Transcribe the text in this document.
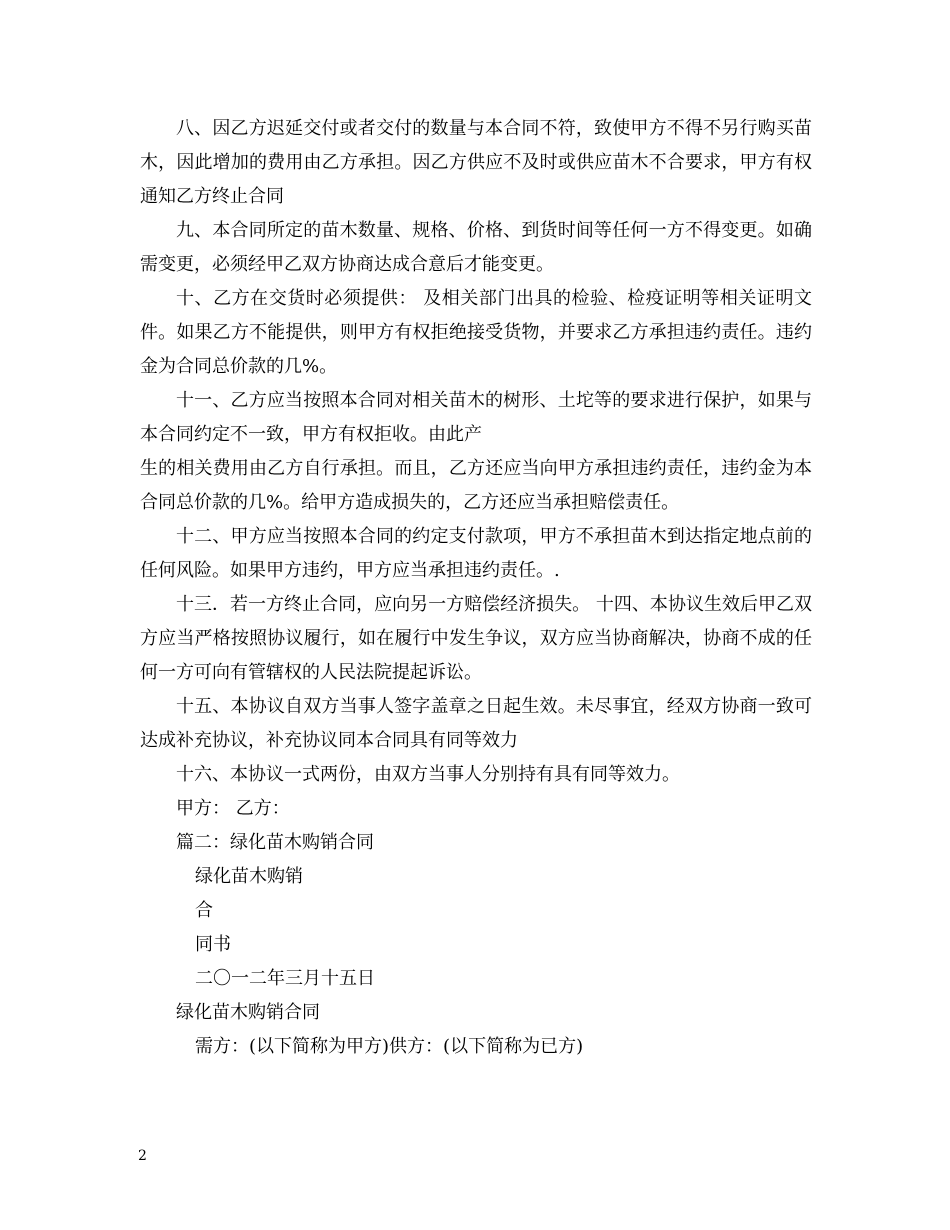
八、因乙方迟延交付或者交付的数量与本合同不符，致使甲方不得不另行购买苗木，因此增加的费用由乙方承担。因乙方供应不及时或供应苗木不合要求，甲方有权通知乙方终止合同

九、本合同所定的苗木数量、规格、价格、到货时间等任何一方不得变更。如确需变更，必须经甲乙双方协商达成合意后才能变更。

十、乙方在交货时必须提供： 及相关部门出具的检验、检疫证明等相关证明文件。如果乙方不能提供，则甲方有权拒绝接受货物，并要求乙方承担违约责任。违约金为合同总价款的几%。

十一、乙方应当按照本合同对相关苗木的树形、土坨等的要求进行保护，如果与本合同约定不一致，甲方有权拒收。由此产

生的相关费用由乙方自行承担。而且，乙方还应当向甲方承担违约责任，违约金为本合同总价款的几%。给甲方造成损失的，乙方还应当承担赔偿责任。

十二、甲方应当按照本合同的约定支付款项，甲方不承担苗木到达指定地点前的任何风险。如果甲方违约，甲方应当承担违约责任。.

十三．若一方终止合同，应向另一方赔偿经济损失。 十四、本协议生效后甲乙双方应当严格按照协议履行，如在履行中发生争议，双方应当协商解决，协商不成的任何一方可向有管辖权的人民法院提起诉讼。

十五、本协议自双方当事人签字盖章之日起生效。未尽事宜，经双方协商一致可达成补充协议，补充协议同本合同具有同等效力

十六、本协议一式两份，由双方当事人分别持有具有同等效力。

甲方： 乙方：

篇二：绿化苗木购销合同

绿化苗木购销

合

同书

二〇一二年三月十五日

绿化苗木购销合同

需方：(以下简称为甲方)供方：(以下简称为已方)

2
